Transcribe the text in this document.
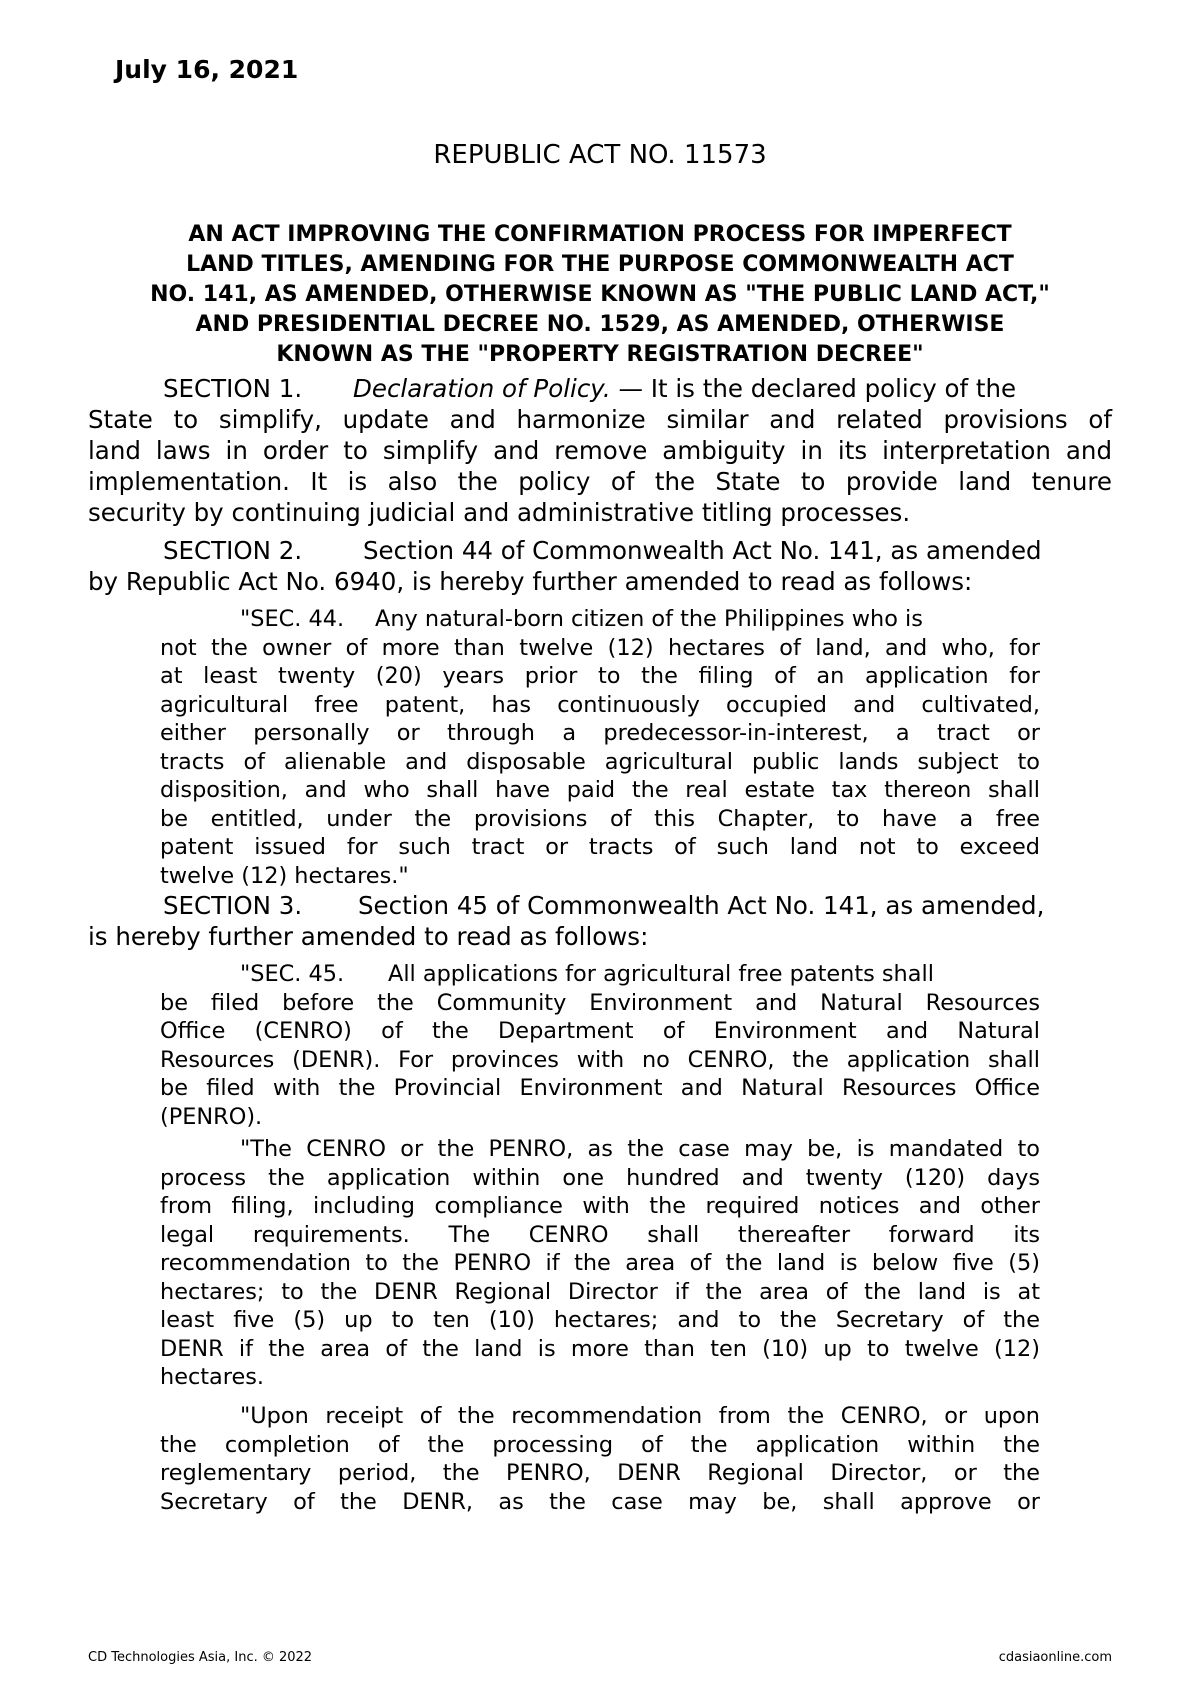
July 16, 2021
REPUBLIC ACT NO. 11573
AN ACT IMPROVING THE CONFIRMATION PROCESS FOR IMPERFECT
LAND TITLES, AMENDING FOR THE PURPOSE COMMONWEALTH ACT
NO. 141, AS AMENDED, OTHERWISE KNOWN AS "THE PUBLIC LAND ACT,"
AND PRESIDENTIAL DECREE NO. 1529, AS AMENDED, OTHERWISE
KNOWN AS THE "PROPERTY REGISTRATION DECREE"
SECTION 1. Declaration of Policy. — It is the declared policy of the
State to simplify, update and harmonize similar and related provisions of
land laws in order to simplify and remove ambiguity in its interpretation and
implementation. It is also the policy of the State to provide land tenure
security by continuing judicial and administrative titling processes.
SECTION 2. Section 44 of Commonwealth Act No. 141, as amended
by Republic Act No. 6940, is hereby further amended to read as follows:
"SEC. 44. Any natural-born citizen of the Philippines who is
not the owner of more than twelve (12) hectares of land, and who, for
at least twenty (20) years prior to the filing of an application for
agricultural free patent, has continuously occupied and cultivated,
either personally or through a predecessor-in-interest, a tract or
tracts of alienable and disposable agricultural public lands subject to
disposition, and who shall have paid the real estate tax thereon shall
be entitled, under the provisions of this Chapter, to have a free
patent issued for such tract or tracts of such land not to exceed
twelve (12) hectares."
SECTION 3. Section 45 of Commonwealth Act No. 141, as amended,
is hereby further amended to read as follows:
"SEC. 45. All applications for agricultural free patents shall
be filed before the Community Environment and Natural Resources
Office (CENRO) of the Department of Environment and Natural
Resources (DENR). For provinces with no CENRO, the application shall
be filed with the Provincial Environment and Natural Resources Office
(PENRO).
"The CENRO or the PENRO, as the case may be, is mandated to
process the application within one hundred and twenty (120) days
from filing, including compliance with the required notices and other
legal requirements. The CENRO shall thereafter forward its
recommendation to the PENRO if the area of the land is below five (5)
hectares; to the DENR Regional Director if the area of the land is at
least five (5) up to ten (10) hectares; and to the Secretary of the
DENR if the area of the land is more than ten (10) up to twelve (12)
hectares.
"Upon receipt of the recommendation from the CENRO, or upon
the completion of the processing of the application within the
reglementary period, the PENRO, DENR Regional Director, or the
Secretary of the DENR, as the case may be, shall approve or
CD Technologies Asia, Inc. © 2022	cdasiaonline.com
